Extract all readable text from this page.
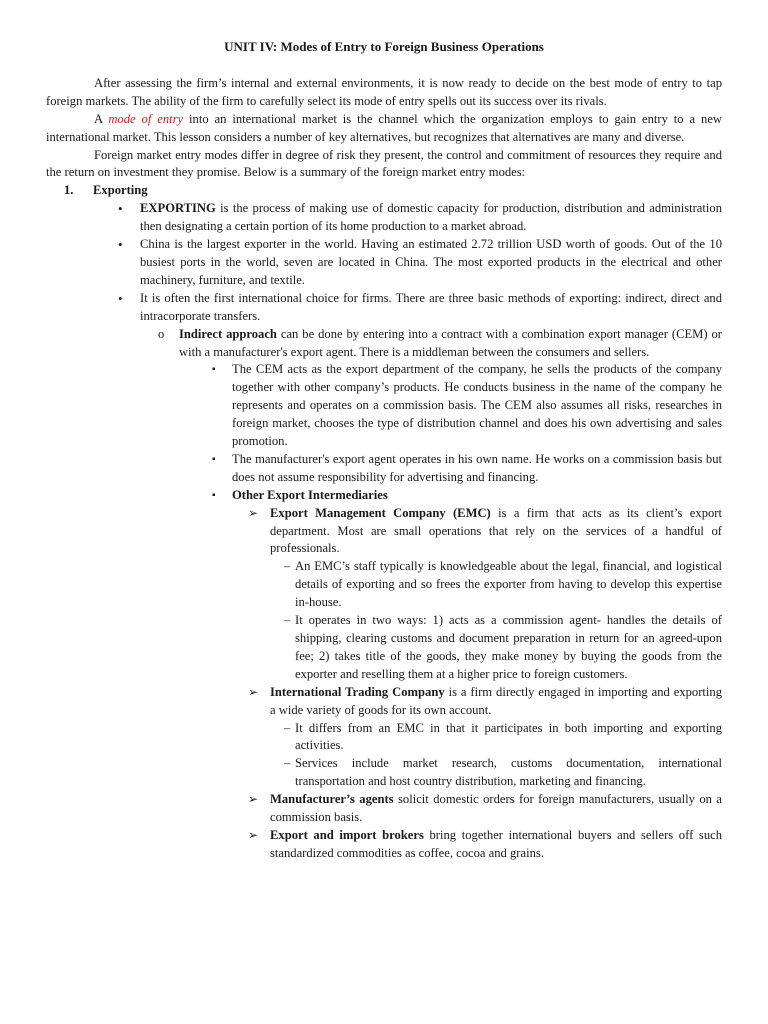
UNIT IV: Modes of Entry to Foreign Business Operations

After assessing the firm’s internal and external environments, it is now ready to decide on the best mode of entry to tap foreign markets. The ability of the firm to carefully select its mode of entry spells out its success over its rivals.

A mode of entry into an international market is the channel which the organization employs to gain entry to a new international market. This lesson considers a number of key alternatives, but recognizes that alternatives are many and diverse.

Foreign market entry modes differ in degree of risk they present, the control and commitment of resources they require and the return on investment they promise. Below is a summary of the foreign market entry modes:

1. Exporting
• EXPORTING is the process of making use of domestic capacity for production, distribution and administration then designating a certain portion of its home production to a market abroad.
• China is the largest exporter in the world. Having an estimated 2.72 trillion USD worth of goods. Out of the 10 busiest ports in the world, seven are located in China. The most exported products in the electrical and other machinery, furniture, and textile.
• It is often the first international choice for firms. There are three basic methods of exporting: indirect, direct and intracorporate transfers.
o Indirect approach can be done by entering into a contract with a combination export manager (CEM) or with a manufacturer's export agent. There is a middleman between the consumers and sellers.
▪ The CEM acts as the export department of the company, he sells the products of the company together with other company’s products. He conducts business in the name of the company he represents and operates on a commission basis. The CEM also assumes all risks, researches in foreign market, chooses the type of distribution channel and does his own advertising and sales promotion.
▪ The manufacturer's export agent operates in his own name. He works on a commission basis but does not assume responsibility for advertising and financing.
▪ Other Export Intermediaries
➢ Export Management Company (EMC) is a firm that acts as its client’s export department. Most are small operations that rely on the services of a handful of professionals.
– An EMC’s staff typically is knowledgeable about the legal, financial, and logistical details of exporting and so frees the exporter from having to develop this expertise in-house.
– It operates in two ways: 1) acts as a commission agent- handles the details of shipping, clearing customs and document preparation in return for an agreed-upon fee; 2) takes title of the goods, they make money by buying the goods from the exporter and reselling them at a higher price to foreign customers.
➢ International Trading Company is a firm directly engaged in importing and exporting a wide variety of goods for its own account.
– It differs from an EMC in that it participates in both importing and exporting activities.
– Services include market research, customs documentation, international transportation and host country distribution, marketing and financing.
➢ Manufacturer’s agents solicit domestic orders for foreign manufacturers, usually on a commission basis.
➢ Export and import brokers bring together international buyers and sellers off such standardized commodities as coffee, cocoa and grains.
